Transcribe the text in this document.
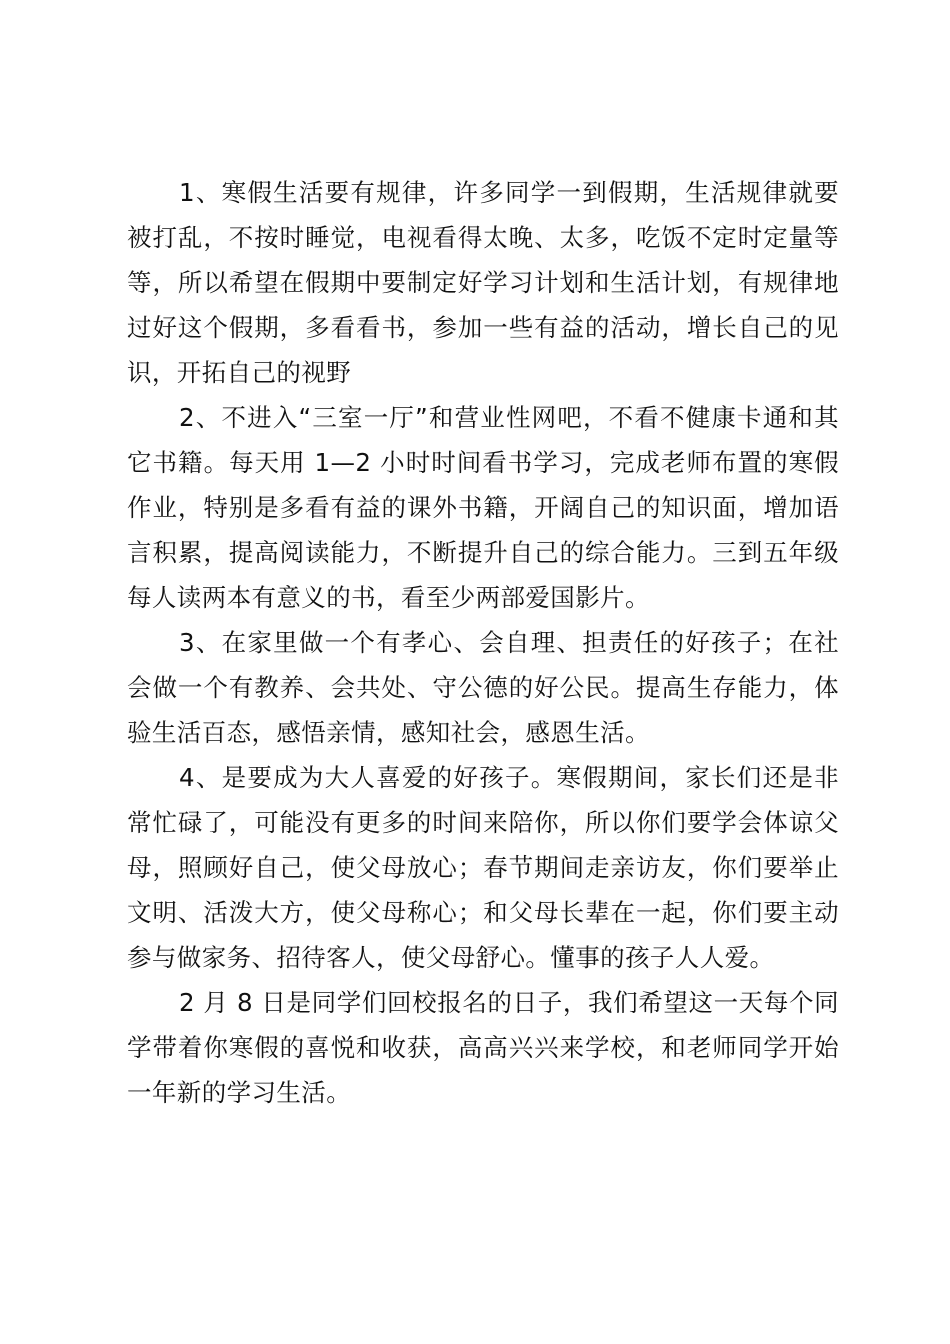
1、寒假生活要有规律，许多同学一到假期，生活规律就要被打乱，不按时睡觉，电视看得太晚、太多，吃饭不定时定量等等，所以希望在假期中要制定好学习计划和生活计划，有规律地过好这个假期，多看看书，参加一些有益的活动，增长自己的见识，开拓自己的视野

2、不进入“三室一厅”和营业性网吧，不看不健康卡通和其它书籍。每天用 1—2 小时时间看书学习，完成老师布置的寒假作业，特别是多看有益的课外书籍，开阔自己的知识面，增加语言积累，提高阅读能力，不断提升自己的综合能力。三到五年级每人读两本有意义的书，看至少两部爱国影片。

3、在家里做一个有孝心、会自理、担责任的好孩子；在社会做一个有教养、会共处、守公德的好公民。提高生存能力，体验生活百态，感悟亲情，感知社会，感恩生活。

4、是要成为大人喜爱的好孩子。寒假期间，家长们还是非常忙碌了，可能没有更多的时间来陪你，所以你们要学会体谅父母，照顾好自己，使父母放心；春节期间走亲访友，你们要举止文明、活泼大方，使父母称心；和父母长辈在一起，你们要主动参与做家务、招待客人，使父母舒心。懂事的孩子人人爱。

2 月 8 日是同学们回校报名的日子，我们希望这一天每个同学带着你寒假的喜悦和收获，高高兴兴来学校，和老师同学开始一年新的学习生活。
